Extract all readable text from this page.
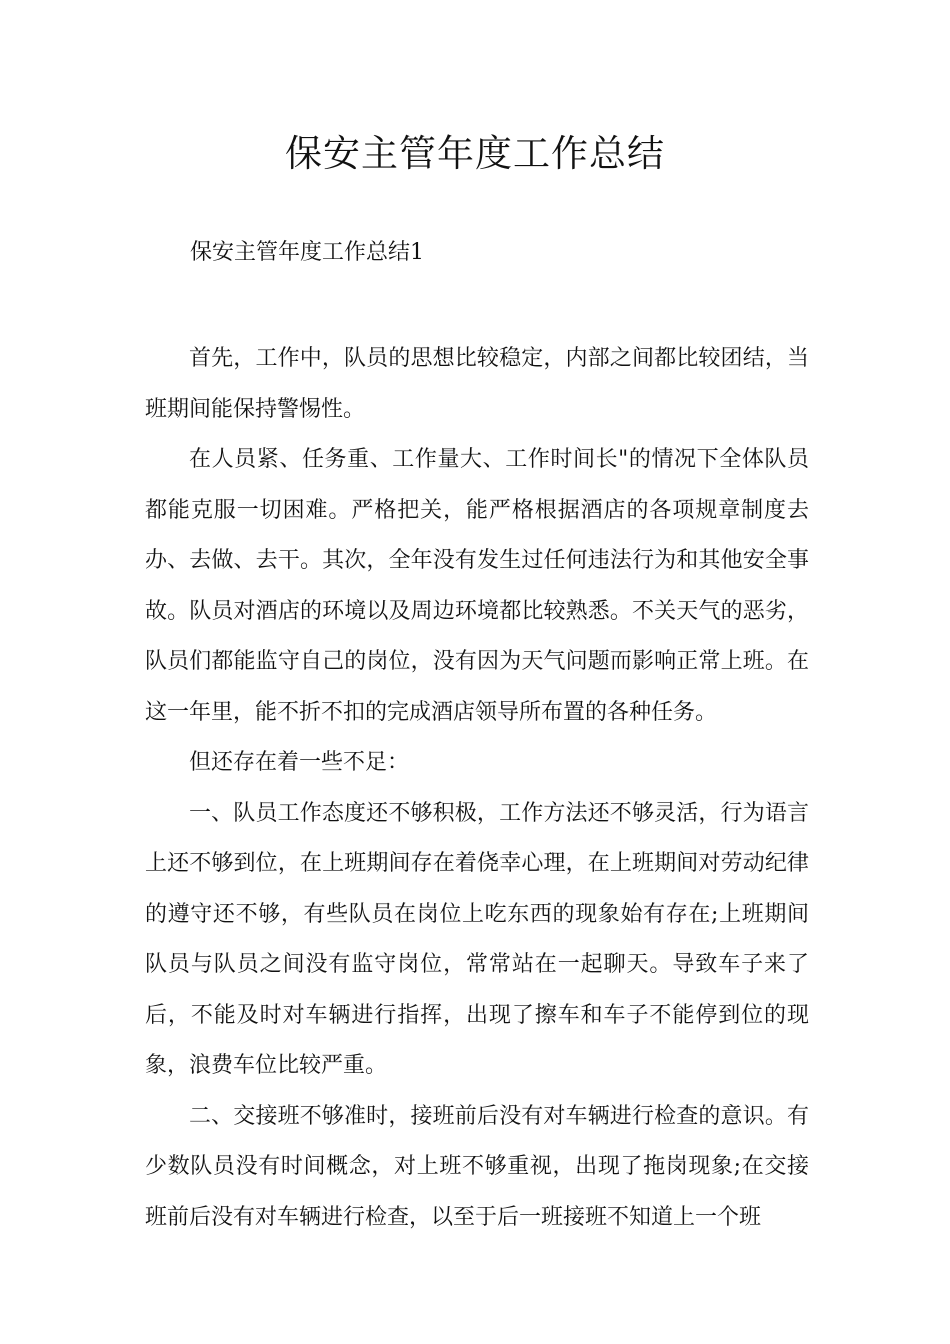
保安主管年度工作总结

保安主管年度工作总结1

首先，工作中，队员的思想比较稳定，内部之间都比较团结，当班期间能保持警惕性。

在人员紧、任务重、工作量大、工作时间长"的情况下全体队员都能克服一切困难。严格把关，能严格根据酒店的各项规章制度去办、去做、去干。其次，全年没有发生过任何违法行为和其他安全事故。队员对酒店的环境以及周边环境都比较熟悉。不关天气的恶劣，队员们都能监守自己的岗位，没有因为天气问题而影响正常上班。在这一年里，能不折不扣的完成酒店领导所布置的各种任务。

但还存在着一些不足：

一、队员工作态度还不够积极，工作方法还不够灵活，行为语言上还不够到位，在上班期间存在着侥幸心理，在上班期间对劳动纪律的遵守还不够，有些队员在岗位上吃东西的现象始有存在;上班期间队员与队员之间没有监守岗位，常常站在一起聊天。导致车子来了后，不能及时对车辆进行指挥，出现了擦车和车子不能停到位的现象，浪费车位比较严重。

二、交接班不够准时，接班前后没有对车辆进行检查的意识。有少数队员没有时间概念，对上班不够重视，出现了拖岗现象;在交接班前后没有对车辆进行检查，以至于后一班接班不知道上一个班
